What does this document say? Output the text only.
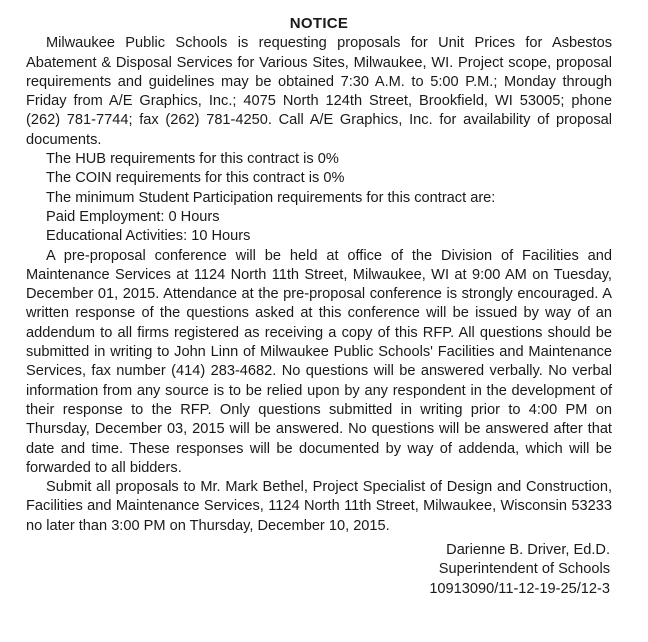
NOTICE

Milwaukee Public Schools is requesting proposals for Unit Prices for Asbestos Abatement & Disposal Services for Various Sites, Milwaukee, WI. Project scope, proposal requirements and guidelines may be obtained 7:30 A.M. to 5:00 P.M.; Monday through Friday from A/E Graphics, Inc.; 4075 North 124th Street, Brookfield, WI 53005; phone (262) 781-7744; fax (262) 781-4250. Call A/E Graphics, Inc. for availability of proposal documents.

The HUB requirements for this contract is 0%

The COIN requirements for this contract is 0%

The minimum Student Participation requirements for this contract are:

Paid Employment: 0 Hours

Educational Activities: 10 Hours

A pre-proposal conference will be held at office of the Division of Facilities and Maintenance Services at 1124 North 11th Street, Milwaukee, WI at 9:00 AM on Tuesday, December 01, 2015. Attendance at the pre-proposal conference is strongly encouraged. A written response of the questions asked at this conference will be issued by way of an addendum to all firms registered as receiving a copy of this RFP. All questions should be submitted in writing to John Linn of Milwaukee Public Schools' Facilities and Maintenance Services, fax number (414) 283-4682. No questions will be answered verbally. No verbal information from any source is to be relied upon by any respondent in the development of their response to the RFP. Only questions submitted in writing prior to 4:00 PM on Thursday, December 03, 2015 will be answered. No questions will be answered after that date and time. These responses will be documented by way of addenda, which will be forwarded to all bidders.

Submit all proposals to Mr. Mark Bethel, Project Specialist of Design and Construction, Facilities and Maintenance Services, 1124 North 11th Street, Milwaukee, Wisconsin 53233 no later than 3:00 PM on Thursday, December 10, 2015.

Darienne B. Driver, Ed.D.
Superintendent of Schools
10913090/11-12-19-25/12-3
